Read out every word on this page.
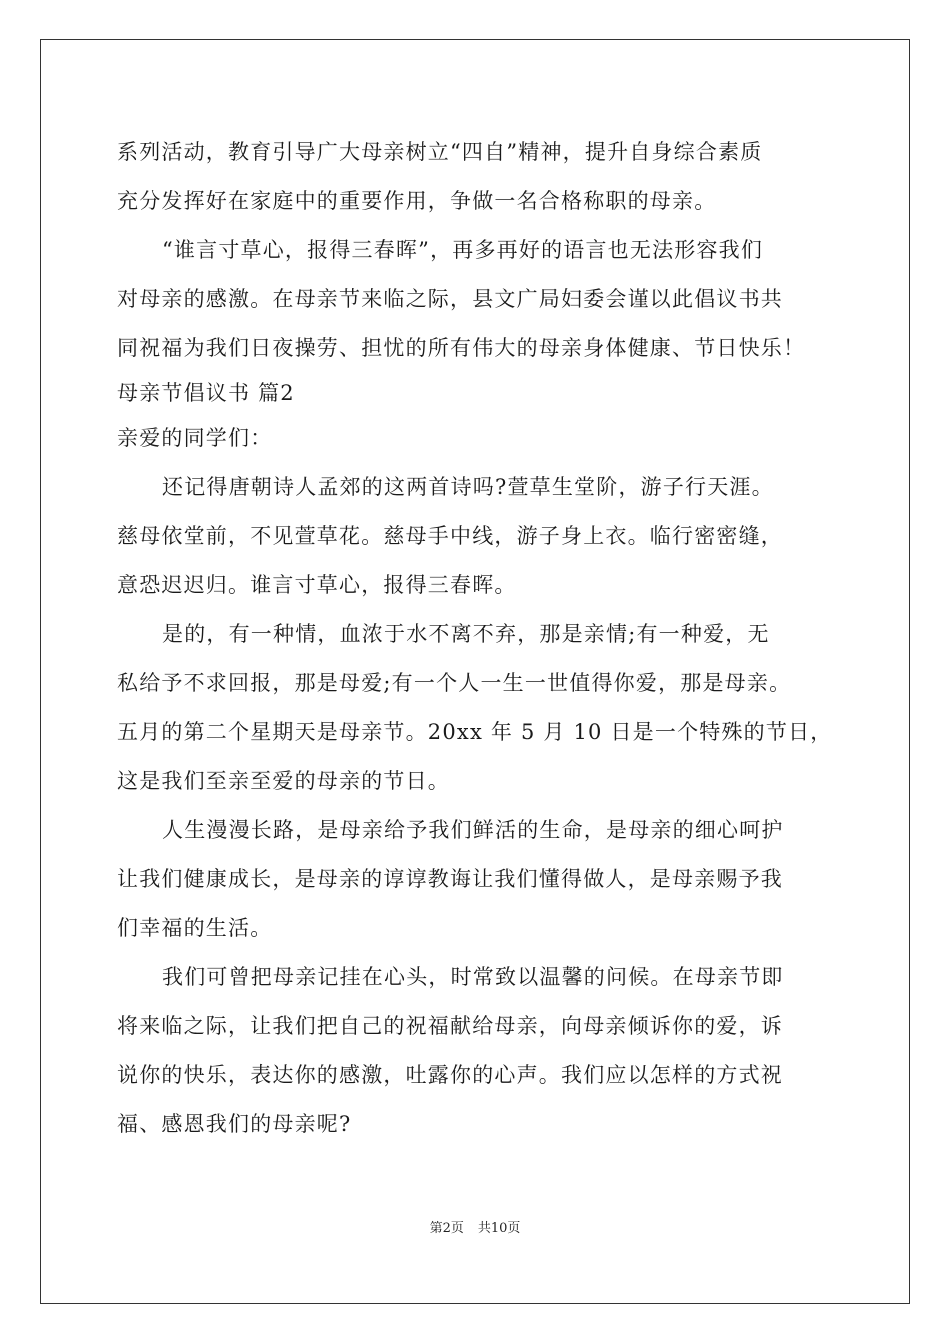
系列活动，教育引导广大母亲树立“四自”精神，提升自身综合素质
充分发挥好在家庭中的重要作用，争做一名合格称职的母亲。
“谁言寸草心，报得三春晖”，再多再好的语言也无法形容我们
对母亲的感激。在母亲节来临之际，县文广局妇委会谨以此倡议书共
同祝福为我们日夜操劳、担忧的所有伟大的母亲身体健康、节日快乐！
母亲节倡议书 篇2
亲爱的同学们：
还记得唐朝诗人孟郊的这两首诗吗?萱草生堂阶，游子行天涯。
慈母依堂前，不见萱草花。慈母手中线，游子身上衣。临行密密缝，
意恐迟迟归。谁言寸草心，报得三春晖。
是的，有一种情，血浓于水不离不弃，那是亲情;有一种爱，无
私给予不求回报，那是母爱;有一个人一生一世值得你爱，那是母亲。
五月的第二个星期天是母亲节。20xx 年 5 月 10 日是一个特殊的节日，
这是我们至亲至爱的母亲的节日。
人生漫漫长路，是母亲给予我们鲜活的生命，是母亲的细心呵护
让我们健康成长，是母亲的谆谆教诲让我们懂得做人，是母亲赐予我
们幸福的生活。
我们可曾把母亲记挂在心头，时常致以温馨的问候。在母亲节即
将来临之际，让我们把自己的祝福献给母亲，向母亲倾诉你的爱，诉
说你的快乐，表达你的感激，吐露你的心声。我们应以怎样的方式祝
福、感恩我们的母亲呢?
第2页 共10页
